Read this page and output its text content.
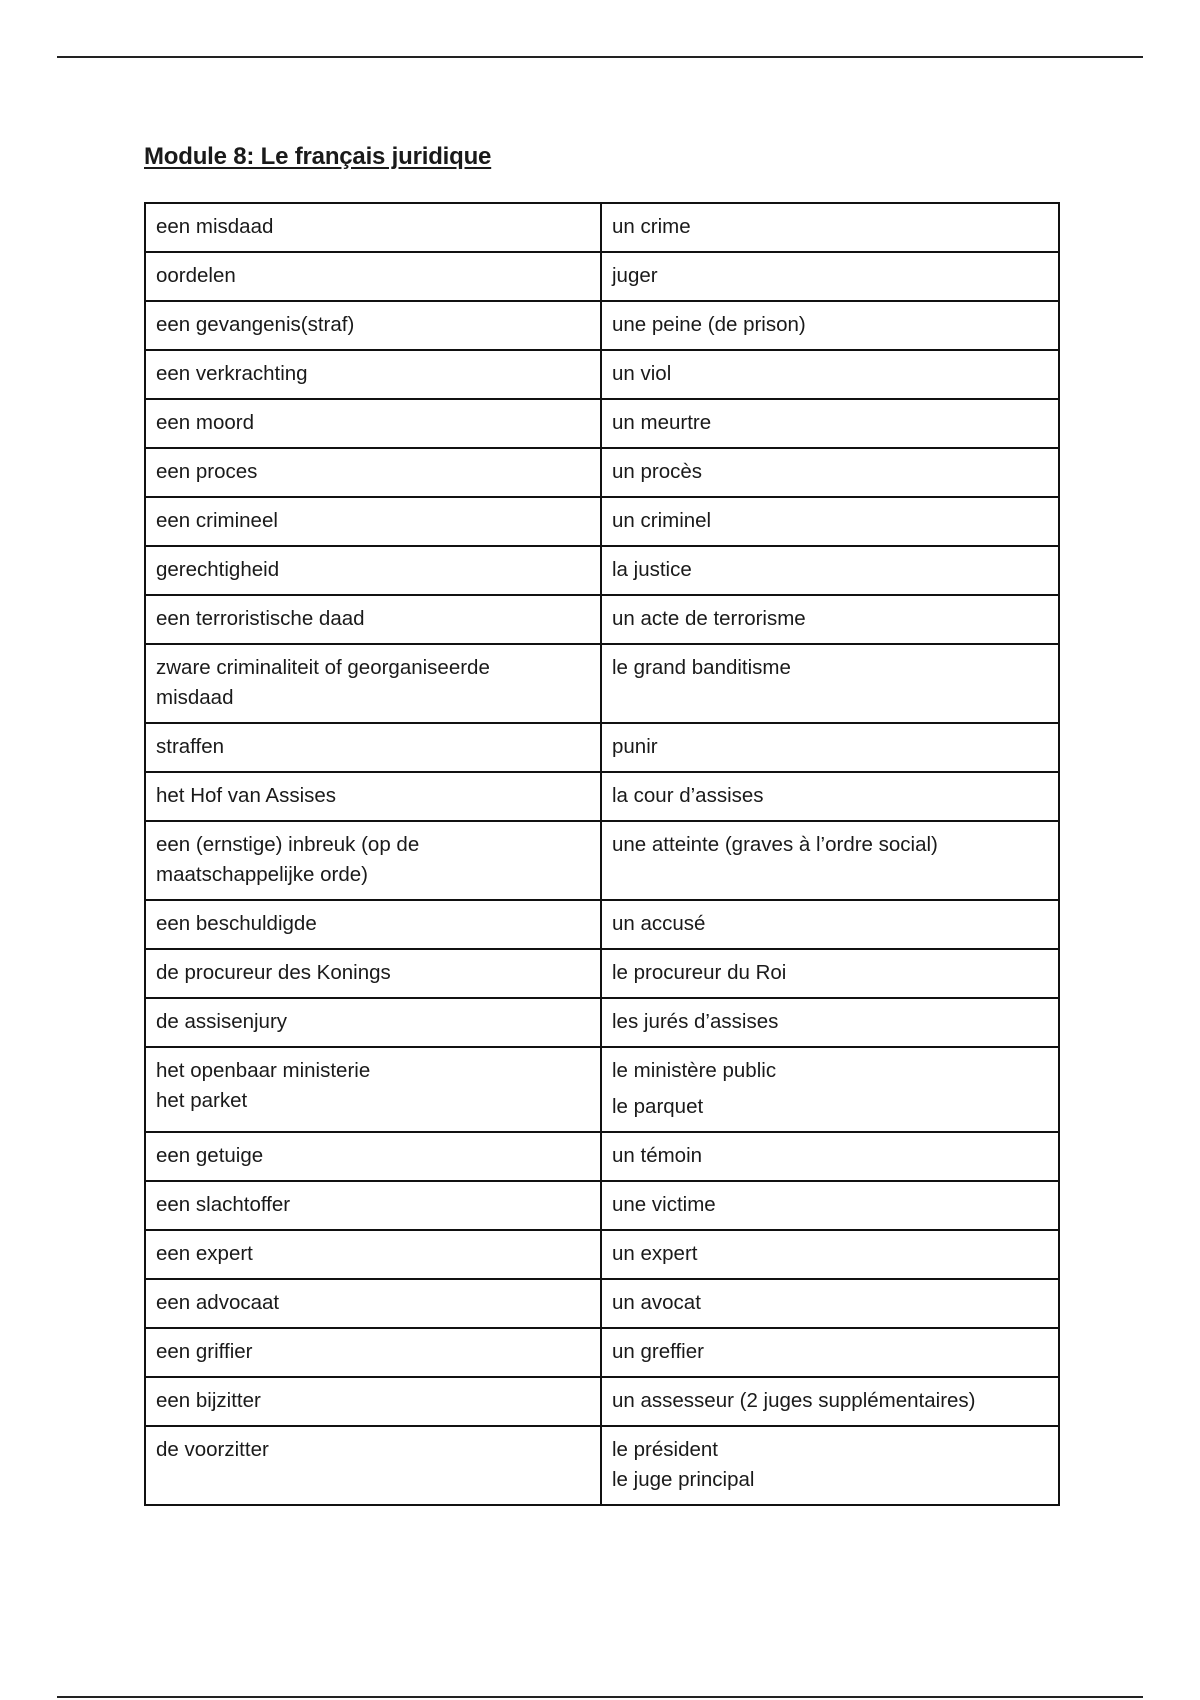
Module 8: Le français juridique
een misdaad	un crime

oordelen	juger

een gevangenis(straf)	une peine (de prison)

een verkrachting	un viol

een moord	un meurtre

een proces	un procès

een crimineel	un criminel

gerechtigheid	la justice

een terroristische daad	un acte de terrorisme

zware criminaliteit of georganiseerde
misdaad	le grand banditisme

straffen	punir

het Hof van Assises	la cour d’assises

een (ernstige) inbreuk (op de
maatschappelijke orde)	une atteinte (graves à l’ordre social)

een beschuldigde	un accusé

de procureur des Konings	le procureur du Roi

de assisenjury	les jurés d’assises

het openbaar ministerie
het parket	le ministère public
le parquet

een getuige	un témoin

een slachtoffer	une victime

een expert	un expert

een advocaat	un avocat

een griffier	un greffier

een bijzitter	un assesseur (2 juges supplémentaires)

de voorzitter	le président
le juge principal
